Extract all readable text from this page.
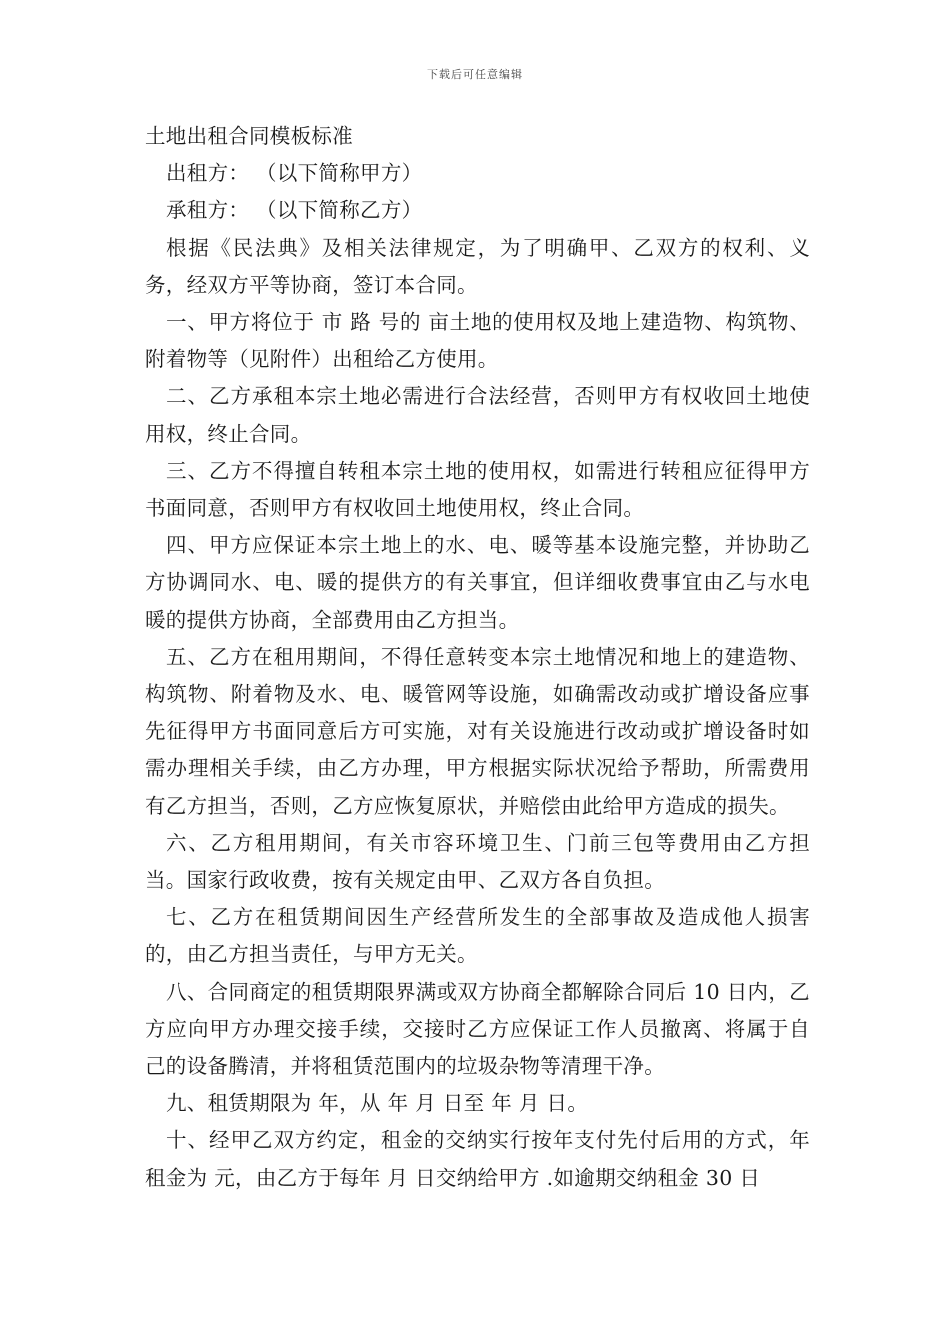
下载后可任意编辑

土地出租合同模板标准

出租方： （以下简称甲方）

承租方： （以下简称乙方）

根据《民法典》及相关法律规定，为了明确甲、乙双方的权利、义务，经双方平等协商，签订本合同。

一、甲方将位于 市 路 号的 亩土地的使用权及地上建造物、构筑物、附着物等（见附件）出租给乙方使用。

二、乙方承租本宗土地必需进行合法经营，否则甲方有权收回土地使用权，终止合同。

三、乙方不得擅自转租本宗土地的使用权，如需进行转租应征得甲方书面同意，否则甲方有权收回土地使用权，终止合同。

四、甲方应保证本宗土地上的水、电、暖等基本设施完整，并协助乙方协调同水、电、暖的提供方的有关事宜，但详细收费事宜由乙与水电暖的提供方协商，全部费用由乙方担当。

五、乙方在租用期间，不得任意转变本宗土地情况和地上的建造物、构筑物、附着物及水、电、暖管网等设施，如确需改动或扩增设备应事先征得甲方书面同意后方可实施，对有关设施进行改动或扩增设备时如需办理相关手续，由乙方办理，甲方根据实际状况给予帮助，所需费用有乙方担当，否则，乙方应恢复原状，并赔偿由此给甲方造成的损失。

六、乙方租用期间，有关市容环境卫生、门前三包等费用由乙方担当。国家行政收费，按有关规定由甲、乙双方各自负担。

七、乙方在租赁期间因生产经营所发生的全部事故及造成他人损害的，由乙方担当责任，与甲方无关。

八、合同商定的租赁期限界满或双方协商全都解除合同后 10 日内，乙方应向甲方办理交接手续，交接时乙方应保证工作人员撤离、将属于自己的设备腾清，并将租赁范围内的垃圾杂物等清理干净。

九、租赁期限为 年，从 年 月 日至 年 月 日。

十、经甲乙双方约定，租金的交纳实行按年支付先付后用的方式，年租金为 元，由乙方于每年 月 日交纳给甲方 .如逾期交纳租金 30 日
